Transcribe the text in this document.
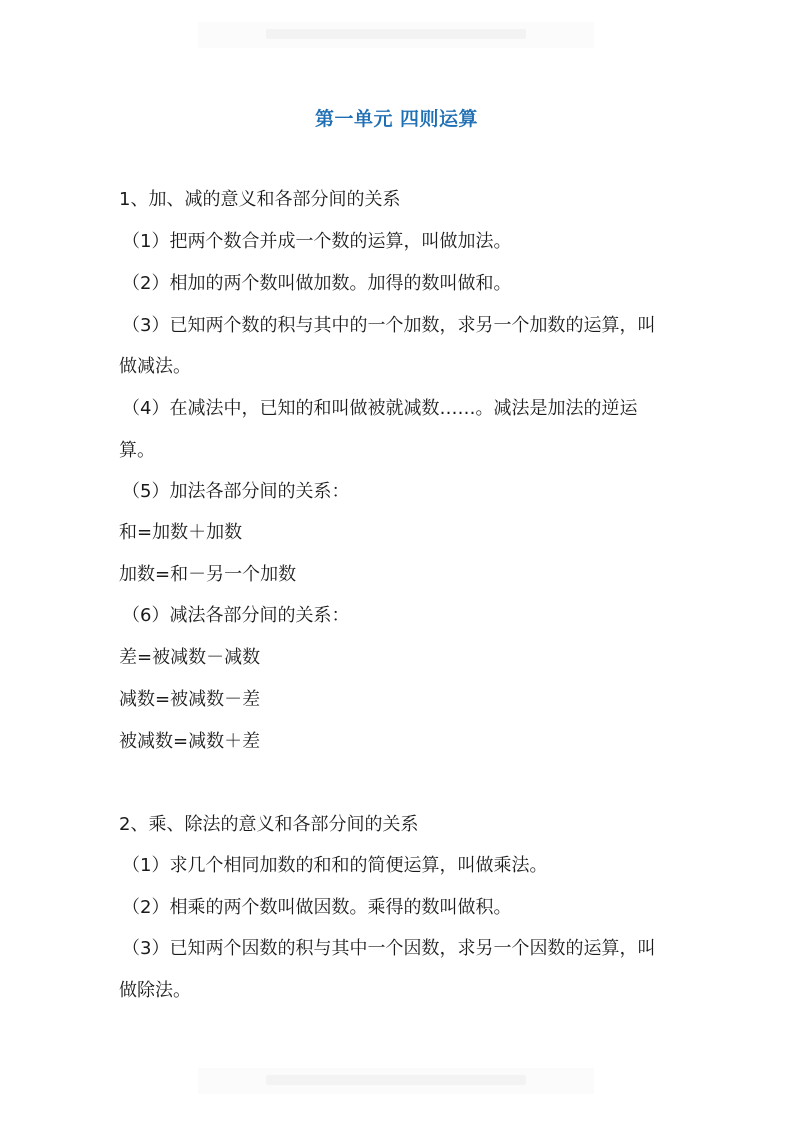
第一单元 四则运算
1、加、减的意义和各部分间的关系
（1）把两个数合并成一个数的运算，叫做加法。
（2）相加的两个数叫做加数。加得的数叫做和。
（3）已知两个数的积与其中的一个加数，求另一个加数的运算，叫
做减法。
（4）在减法中，已知的和叫做被就减数……。减法是加法的逆运
算。
（5）加法各部分间的关系：
和=加数＋加数
加数=和－另一个加数
（6）减法各部分间的关系：
差=被减数－减数
减数=被减数－差
被减数=减数＋差
2、乘、除法的意义和各部分间的关系
（1）求几个相同加数的和和的简便运算，叫做乘法。
（2）相乘的两个数叫做因数。乘得的数叫做积。
（3）已知两个因数的积与其中一个因数，求另一个因数的运算，叫
做除法。
